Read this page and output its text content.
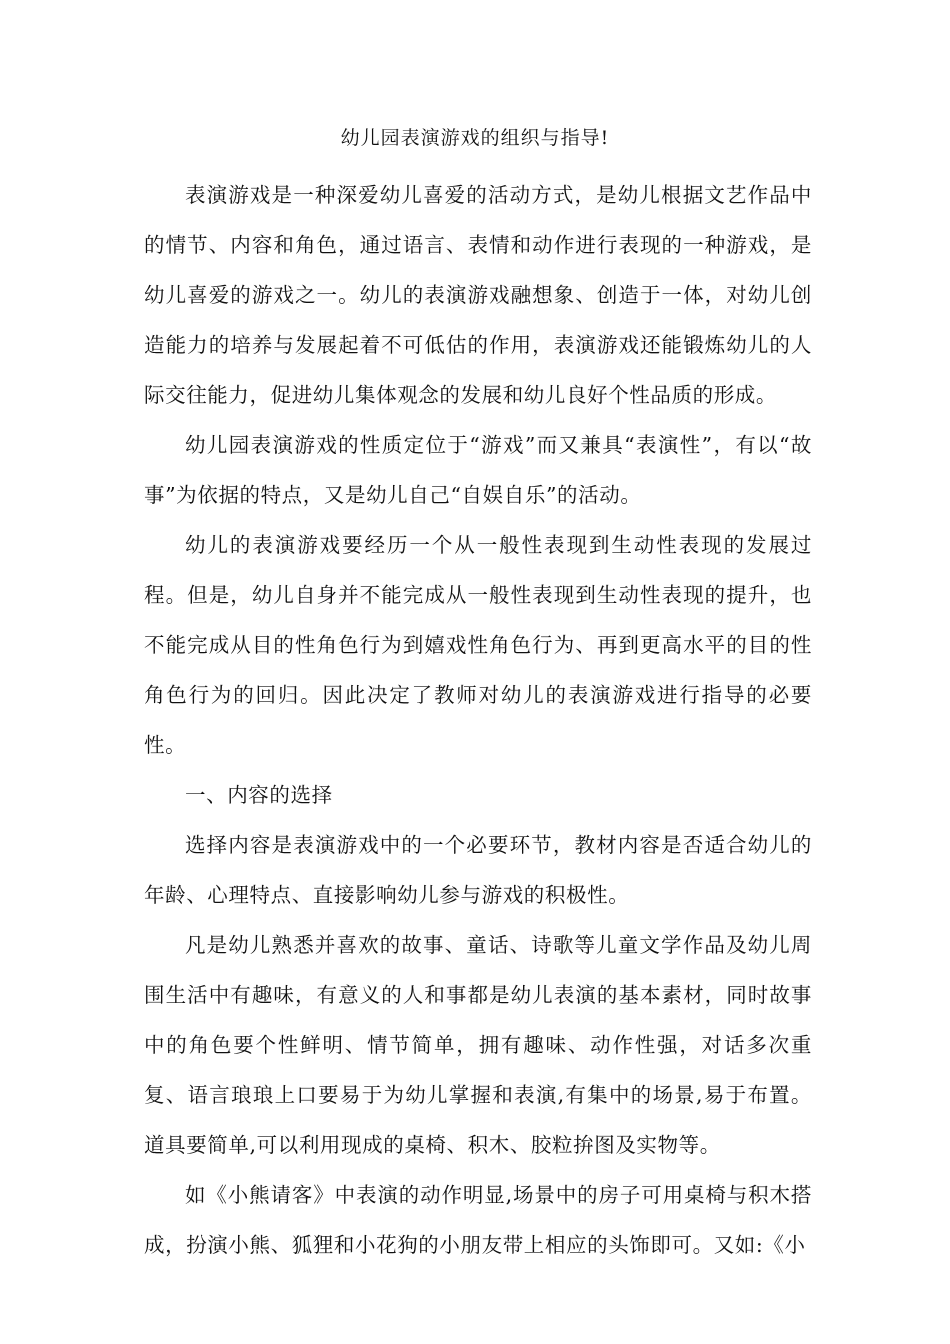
幼儿园表演游戏的组织与指导!

表演游戏是一种深爱幼儿喜爱的活动方式，是幼儿根据文艺作品中的情节、内容和角色，通过语言、表情和动作进行表现的一种游戏，是幼儿喜爱的游戏之一。幼儿的表演游戏融想象、创造于一体，对幼儿创造能力的培养与发展起着不可低估的作用，表演游戏还能锻炼幼儿的人际交往能力，促进幼儿集体观念的发展和幼儿良好个性品质的形成。

幼儿园表演游戏的性质定位于“游戏”而又兼具“表演性”，有以“故事”为依据的特点，又是幼儿自己“自娱自乐”的活动。

幼儿的表演游戏要经历一个从一般性表现到生动性表现的发展过程。但是，幼儿自身并不能完成从一般性表现到生动性表现的提升，也不能完成从目的性角色行为到嬉戏性角色行为、再到更高水平的目的性角色行为的回归。因此决定了教师对幼儿的表演游戏进行指导的必要性。

一、内容的选择

选择内容是表演游戏中的一个必要环节，教材内容是否适合幼儿的年龄、心理特点、直接影响幼儿参与游戏的积极性。

凡是幼儿熟悉并喜欢的故事、童话、诗歌等儿童文学作品及幼儿周围生活中有趣味，有意义的人和事都是幼儿表演的基本素材，同时故事中的角色要个性鲜明、情节简单，拥有趣味、动作性强，对话多次重复、语言琅琅上口要易于为幼儿掌握和表演,有集中的场景,易于布置。道具要简单,可以利用现成的桌椅、积木、胶粒拚图及实物等。

如《小熊请客》中表演的动作明显,场景中的房子可用桌椅与积木搭成，扮演小熊、狐狸和小花狗的小朋友带上相应的头饰即可。又如:《小
